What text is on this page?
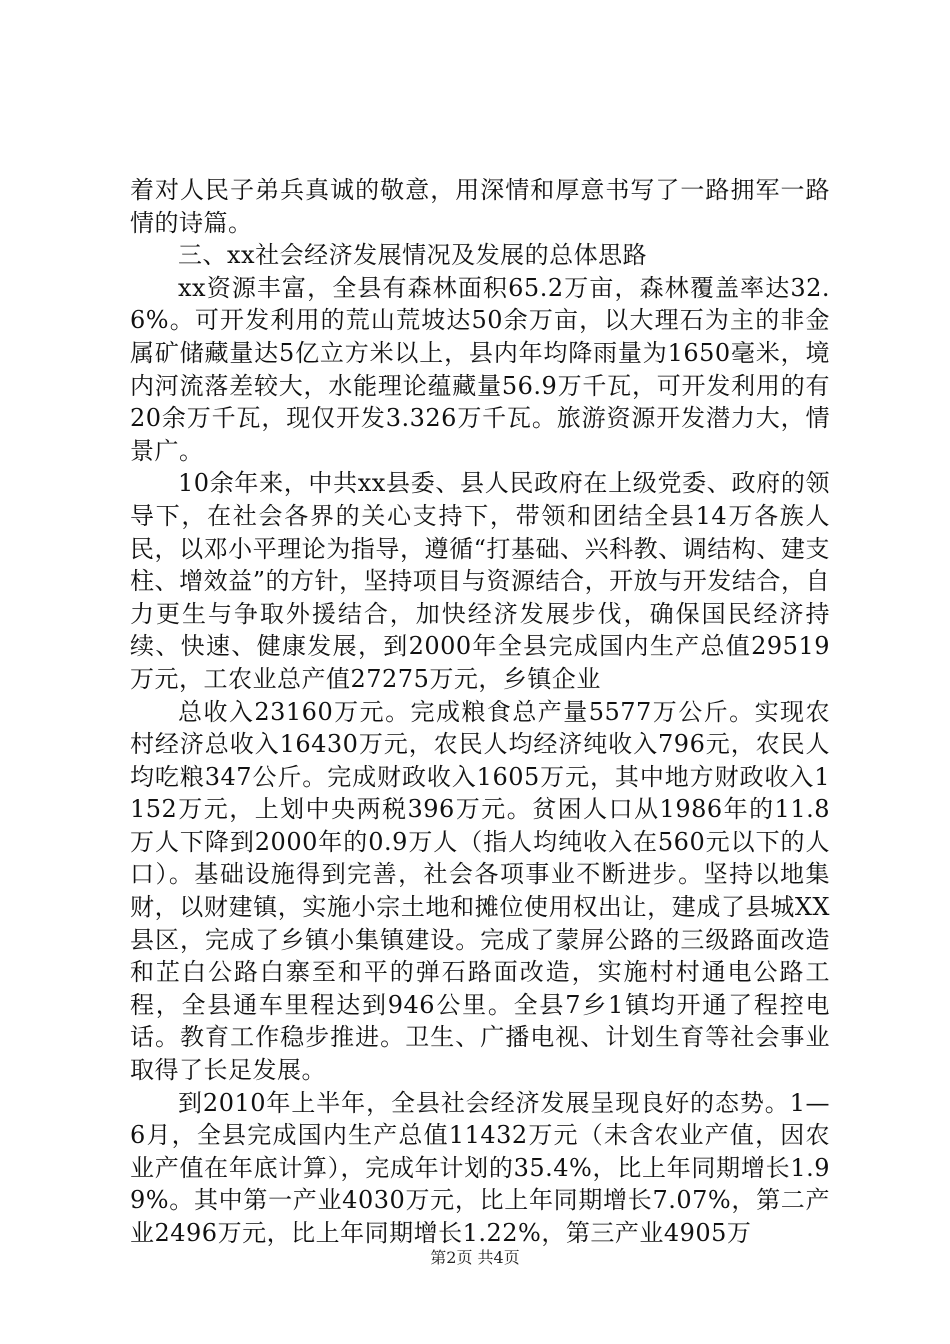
着对人民子弟兵真诚的敬意，用深情和厚意书写了一路拥军一路情的诗篇。

三、xx社会经济发展情况及发展的总体思路

xx资源丰富，全县有森林面积65.2万亩，森林覆盖率达32.6%。可开发利用的荒山荒坡达50余万亩，以大理石为主的非金属矿储藏量达5亿立方米以上，县内年均降雨量为1650毫米，境内河流落差较大，水能理论蕴藏量56.9万千瓦，可开发利用的有20余万千瓦，现仅开发3.326万千瓦。旅游资源开发潜力大，情景广。

10余年来，中共xx县委、县人民政府在上级党委、政府的领导下，在社会各界的关心支持下，带领和团结全县14万各族人民，以邓小平理论为指导，遵循“打基础、兴科教、调结构、建支柱、增效益”的方针，坚持项目与资源结合，开放与开发结合，自力更生与争取外援结合，加快经济发展步伐，确保国民经济持续、快速、健康发展，到2000年全县完成国内生产总值29519万元，工农业总产值27275万元，乡镇企业

总收入23160万元。完成粮食总产量5577万公斤。实现农村经济总收入16430万元，农民人均经济纯收入796元，农民人均吃粮347公斤。完成财政收入1605万元，其中地方财政收入1152万元，上划中央两税396万元。贫困人口从1986年的11.8万人下降到2000年的0.9万人（指人均纯收入在560元以下的人口）。基础设施得到完善，社会各项事业不断进步。坚持以地集财，以财建镇，实施小宗土地和摊位使用权出让，建成了县城XX县区，完成了乡镇小集镇建设。完成了蒙屏公路的三级路面改造和芷白公路白寨至和平的弹石路面改造，实施村村通电公路工程，全县通车里程达到946公里。全县7乡1镇均开通了程控电话。教育工作稳步推进。卫生、广播电视、计划生育等社会事业取得了长足发展。

到2010年上半年，全县社会经济发展呈现良好的态势。1—6月，全县完成国内生产总值11432万元（未含农业产值，因农业产值在年底计算），完成年计划的35.4%，比上年同期增长1.99%。其中第一产业4030万元，比上年同期增长7.07%，第二产业2496万元，比上年同期增长1.22%，第三产业4905万

第2页 共4页
